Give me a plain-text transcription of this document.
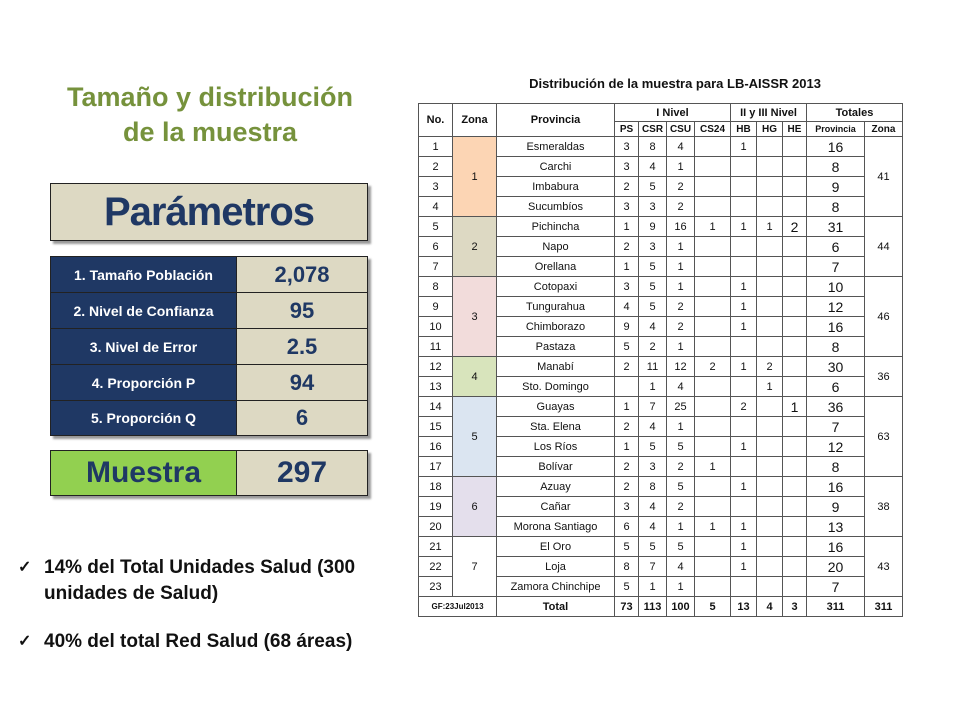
Tamaño y distribución
de la muestra
Parámetros
1. Tamaño Población	2,078
2. Nivel de Confianza	95
3. Nivel de Error	2.5
4. Proporción P	94
5. Proporción Q	6
Muestra	297
✓ 14% del Total Unidades Salud (300 unidades de Salud)
✓ 40% del total Red Salud (68 áreas)
Distribución de la muestra para LB-AISSR 2013
No.	Zona	Provincia	I Nivel				II y III Nivel			Totales	
			PS	CSR	CSU	CS24	HB	HG	HE	Provincia	Zona
1	1	Esmeraldas	3	8	4		1			16	41
2		Carchi	3	4	1					8	
3		Imbabura	2	5	2					9	
4		Sucumbíos	3	3	2					8	
5	2	Pichincha	1	9	16	1	1	1	2	31	44
6		Napo	2	3	1					6	
7		Orellana	1	5	1					7	
8	3	Cotopaxi	3	5	1		1			10	46
9		Tungurahua	4	5	2		1			12	
10		Chimborazo	9	4	2		1			16	
11		Pastaza	5	2	1					8	
12	4	Manabí	2	11	12	2	1	2		30	36
13		Sto. Domingo		1	4			1		6	
14	5	Guayas	1	7	25		2		1	36	63
15		Sta. Elena	2	4	1					7	
16		Los Ríos	1	5	5		1			12	
17		Bolívar	2	3	2	1				8	
18	6	Azuay	2	8	5		1			16	38
19		Cañar	3	4	2					9	
20		Morona Santiago	6	4	1	1	1			13	
21	7	El Oro	5	5	5		1			16	43
22		Loja	8	7	4		1			20	
23		Zamora Chinchipe	5	1	1					7	
GF:23Jul2013		Total	73	113	100	5	13	4	3	311	311
